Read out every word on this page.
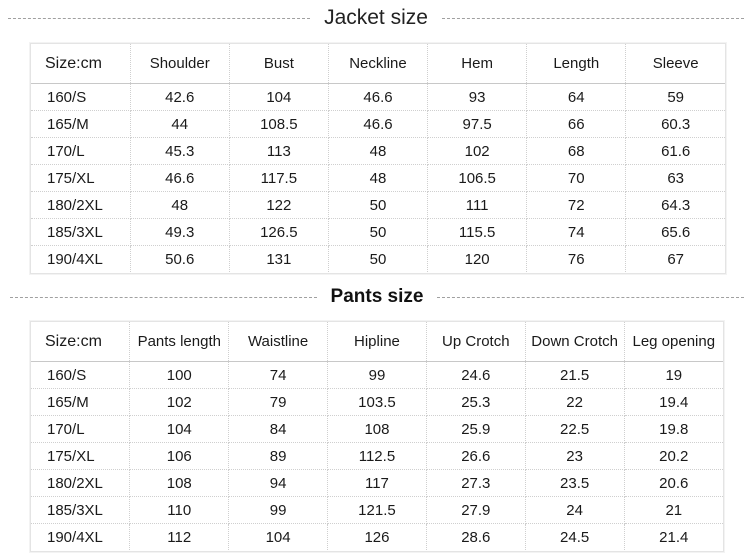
Jacket size
Size:cm	Shoulder	Bust	Neckline	Hem	Length	Sleeve
160/S	42.6	104	46.6	93	64	59
165/M	44	108.5	46.6	97.5	66	60.3
170/L	45.3	113	48	102	68	61.6
175/XL	46.6	117.5	48	106.5	70	63
180/2XL	48	122	50	111	72	64.3
185/3XL	49.3	126.5	50	115.5	74	65.6
190/4XL	50.6	131	50	120	76	67
Pants size
Size:cm	Pants length	Waistline	Hipline	Up Crotch	Down Crotch	Leg opening
160/S	100	74	99	24.6	21.5	19
165/M	102	79	103.5	25.3	22	19.4
170/L	104	84	108	25.9	22.5	19.8
175/XL	106	89	112.5	26.6	23	20.2
180/2XL	108	94	117	27.3	23.5	20.6
185/3XL	110	99	121.5	27.9	24	21
190/4XL	112	104	126	28.6	24.5	21.4
